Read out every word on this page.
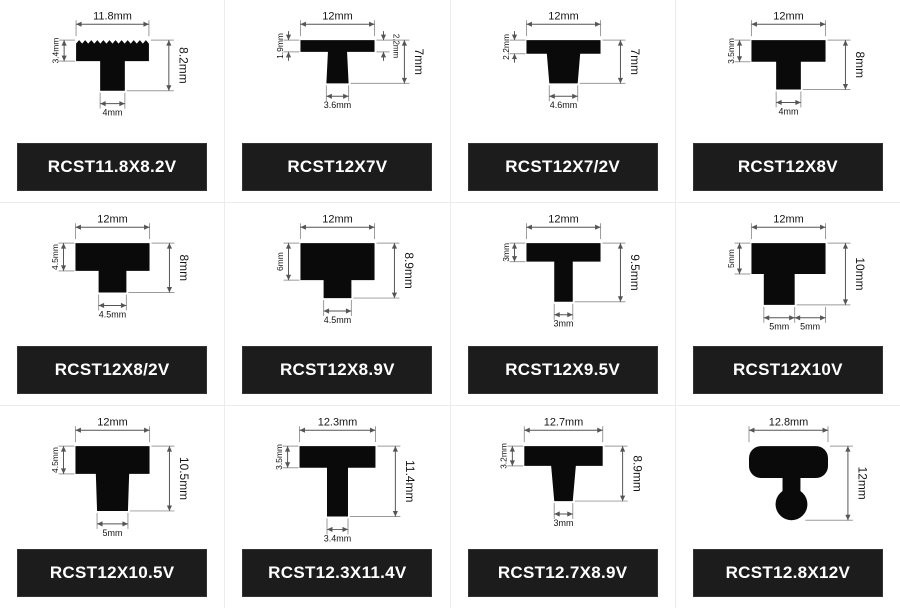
11.8mm
3.4mm	8.2mm
4mm
RCST11.8X8.2V
12mm
1.9mm
7mm
2.2mm
3.6mm
RCST12X7V
12mm
2.2mm
7mm
4.6mm
RCST12X7/2V
12mm
3.5mm
8mm
4mm
RCST12X8V
12mm
4.5mm	8mm
4.5mm
RCST12X8/2V
12mm
6mm	8.9mm
4.5mm
RCST12X8.9V
12mm
3mm
9.5mm
3mm
RCST12X9.5V
12mm
5mm	10mm
5mm 5mm
RCST12X10V
12mm
4.5mm	10.5mm
5mm
RCST12X10.5V
12.3mm
3.5mm
11.4mm
3.4mm
RCST12.3X11.4V
12.7mm
3.2mm	8.9mm
3mm
RCST12.7X8.9V
12.8mm
12mm
RCST12.8X12V
